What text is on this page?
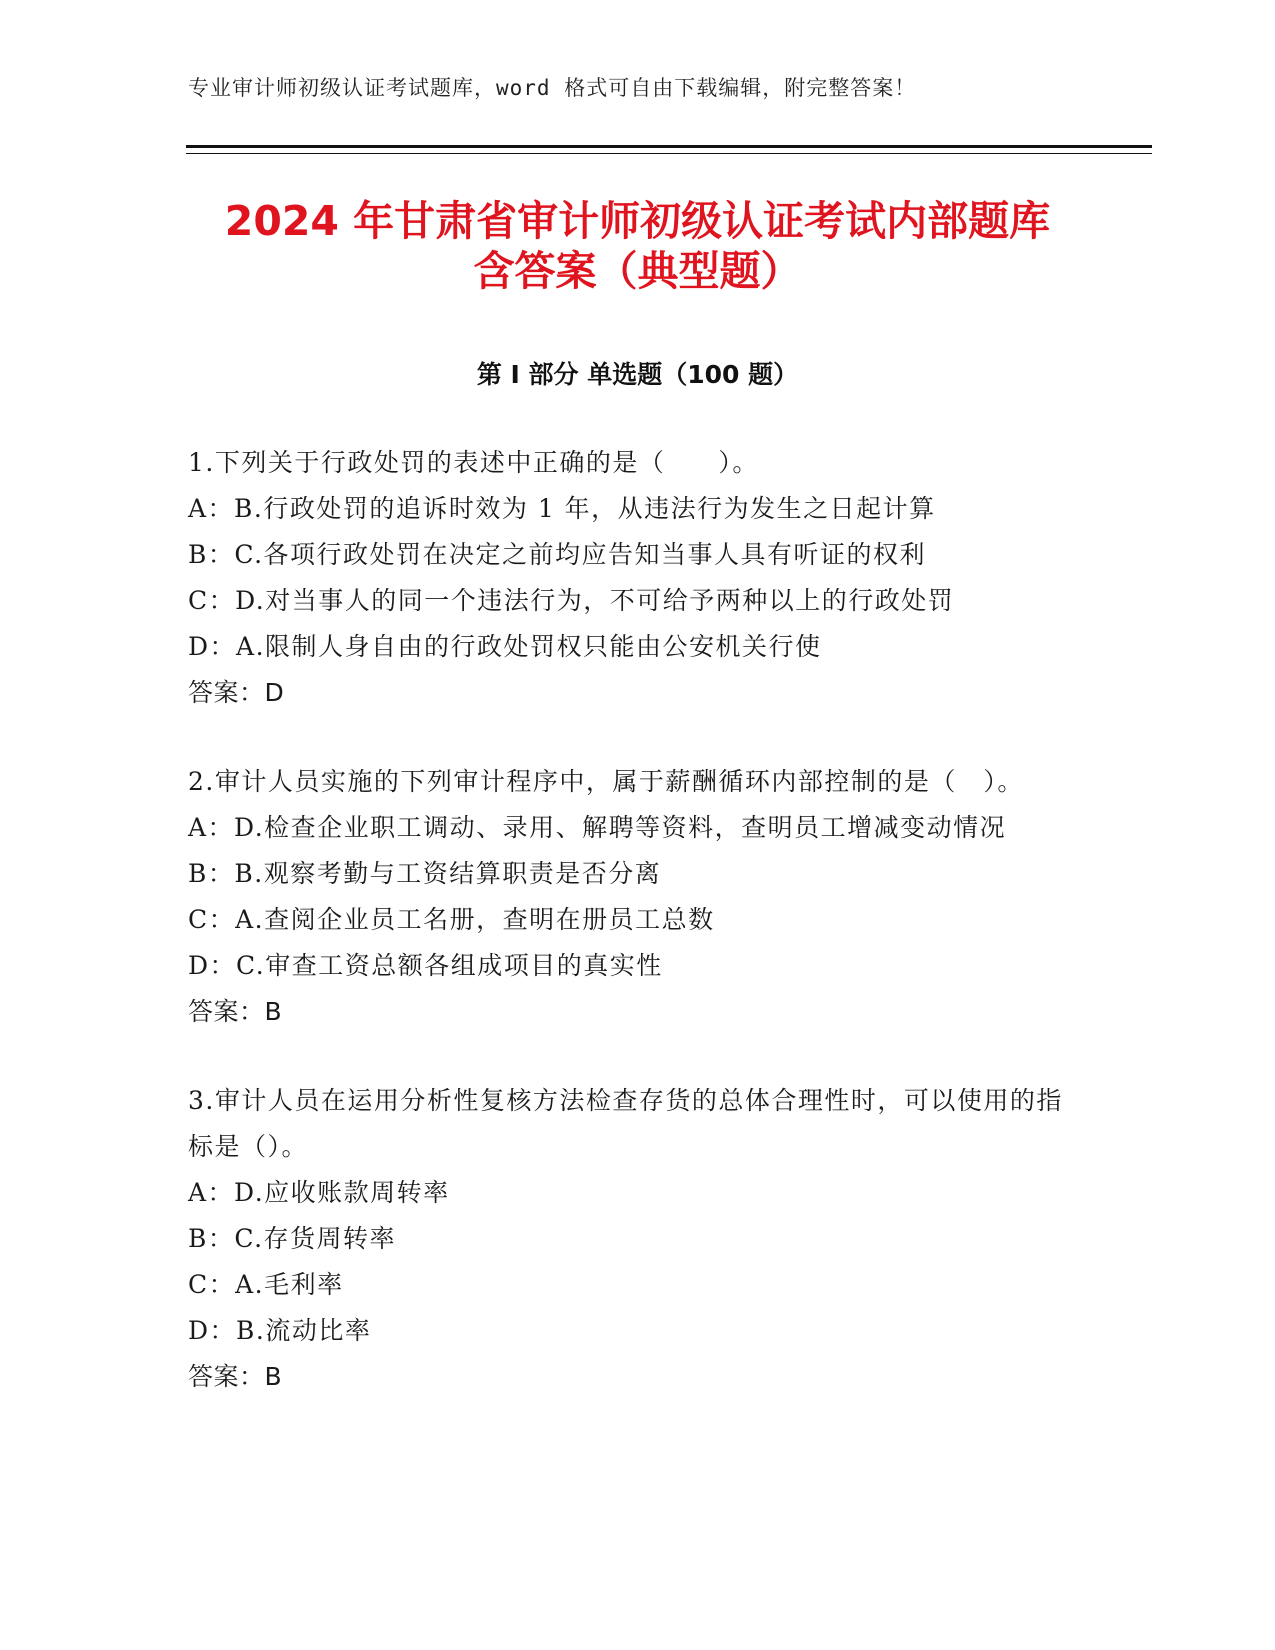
专业审计师初级认证考试题库，word 格式可自由下载编辑，附完整答案！
2024 年甘肃省审计师初级认证考试内部题库
含答案（典型题）
第 I 部分 单选题（100 题）
1.下列关于行政处罚的表述中正确的是（　　）。
A：B.行政处罚的追诉时效为 1 年，从违法行为发生之日起计算
B：C.各项行政处罚在决定之前均应告知当事人具有听证的权利
C：D.对当事人的同一个违法行为，不可给予两种以上的行政处罚
D：A.限制人身自由的行政处罚权只能由公安机关行使
答案：D
2.审计人员实施的下列审计程序中，属于薪酬循环内部控制的是（　）。
A：D.检查企业职工调动、录用、解聘等资料，查明员工增减变动情况
B：B.观察考勤与工资结算职责是否分离
C：A.查阅企业员工名册，查明在册员工总数
D：C.审查工资总额各组成项目的真实性
答案：B
3.审计人员在运用分析性复核方法检查存货的总体合理性时，可以使用的指标是（）。
A：D.应收账款周转率
B：C.存货周转率
C：A.毛利率
D：B.流动比率
答案：B
